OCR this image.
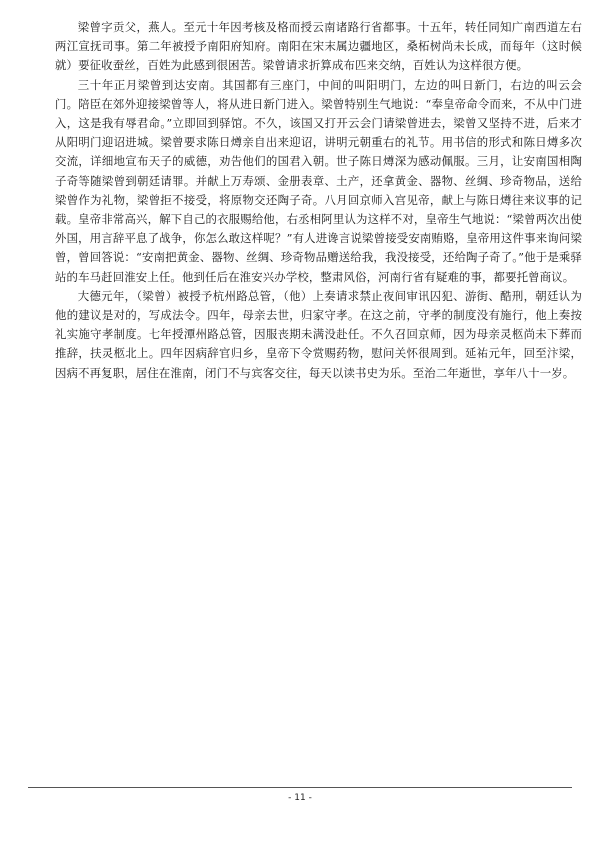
梁曾字贡父，燕人。至元十年因考核及格而授云南诸路行省都事。十五年，转任同知广南西道左右两江宣抚司事。第二年被授予南阳府知府。南阳在宋末属边疆地区，桑柘树尚未长成，而每年（这时候就）要征收蚕丝，百姓为此感到很困苦。梁曾请求折算成布匹来交纳，百姓认为这样很方便。

三十年正月梁曾到达安南。其国都有三座门，中间的叫阳明门，左边的叫日新门，右边的叫云会门。陪臣在郊外迎接梁曾等人，将从进日新门进入。梁曾特别生气地说：“奉皇帝命令而来，不从中门进入，这是我有辱君命。”立即回到驿馆。不久，该国又打开云会门请梁曾进去，梁曾又坚持不进，后来才从阳明门迎诏进城。梁曾要求陈日燇亲自出来迎诏，讲明元朝重右的礼节。用书信的形式和陈日燇多次交流，详细地宣布天子的威德，劝告他们的国君入朝。世子陈日燇深为感动佩服。三月，让安南国相陶子奇等随梁曾到朝廷请罪。并献上万寿颂、金册表章、土产，还拿黄金、器物、丝绸、珍奇物品，送给梁曾作为礼物，梁曾拒不接受，将原物交还陶子奇。八月回京师入宫见帝，献上与陈日燇往来议事的记载。皇帝非常高兴，解下自己的衣服赐给他，右丞相阿里认为这样不对，皇帝生气地说：“梁曾两次出使外国，用言辞平息了战争，你怎么敢这样呢？”有人进谗言说梁曾接受安南贿赂，皇帝用这件事来询问梁曾，曾回答说：“安南把黄金、器物、丝绸、珍奇物品赠送给我，我没接受，还给陶子奇了。”他于是乘驿站的车马赶回淮安上任。他到任后在淮安兴办学校，整肃风俗，河南行省有疑难的事，都要托曾商议。

大德元年，（梁曾）被授予杭州路总管，（他）上奏请求禁止夜间审讯囚犯、游街、酷刑，朝廷认为他的建议是对的，写成法令。四年，母亲去世，归家守孝。在这之前，守孝的制度没有施行，他上奏按礼实施守孝制度。七年授潭州路总管，因服丧期未满没赴任。不久召回京师，因为母亲灵柩尚未下葬而推辞，扶灵柩北上。四年因病辞官归乡，皇帝下令赏赐药物，慰问关怀很周到。延祐元年，回至汴梁，因病不再复职，居住在淮南，闭门不与宾客交往，每天以读书史为乐。至治二年逝世，享年八十一岁。

- 11 -
